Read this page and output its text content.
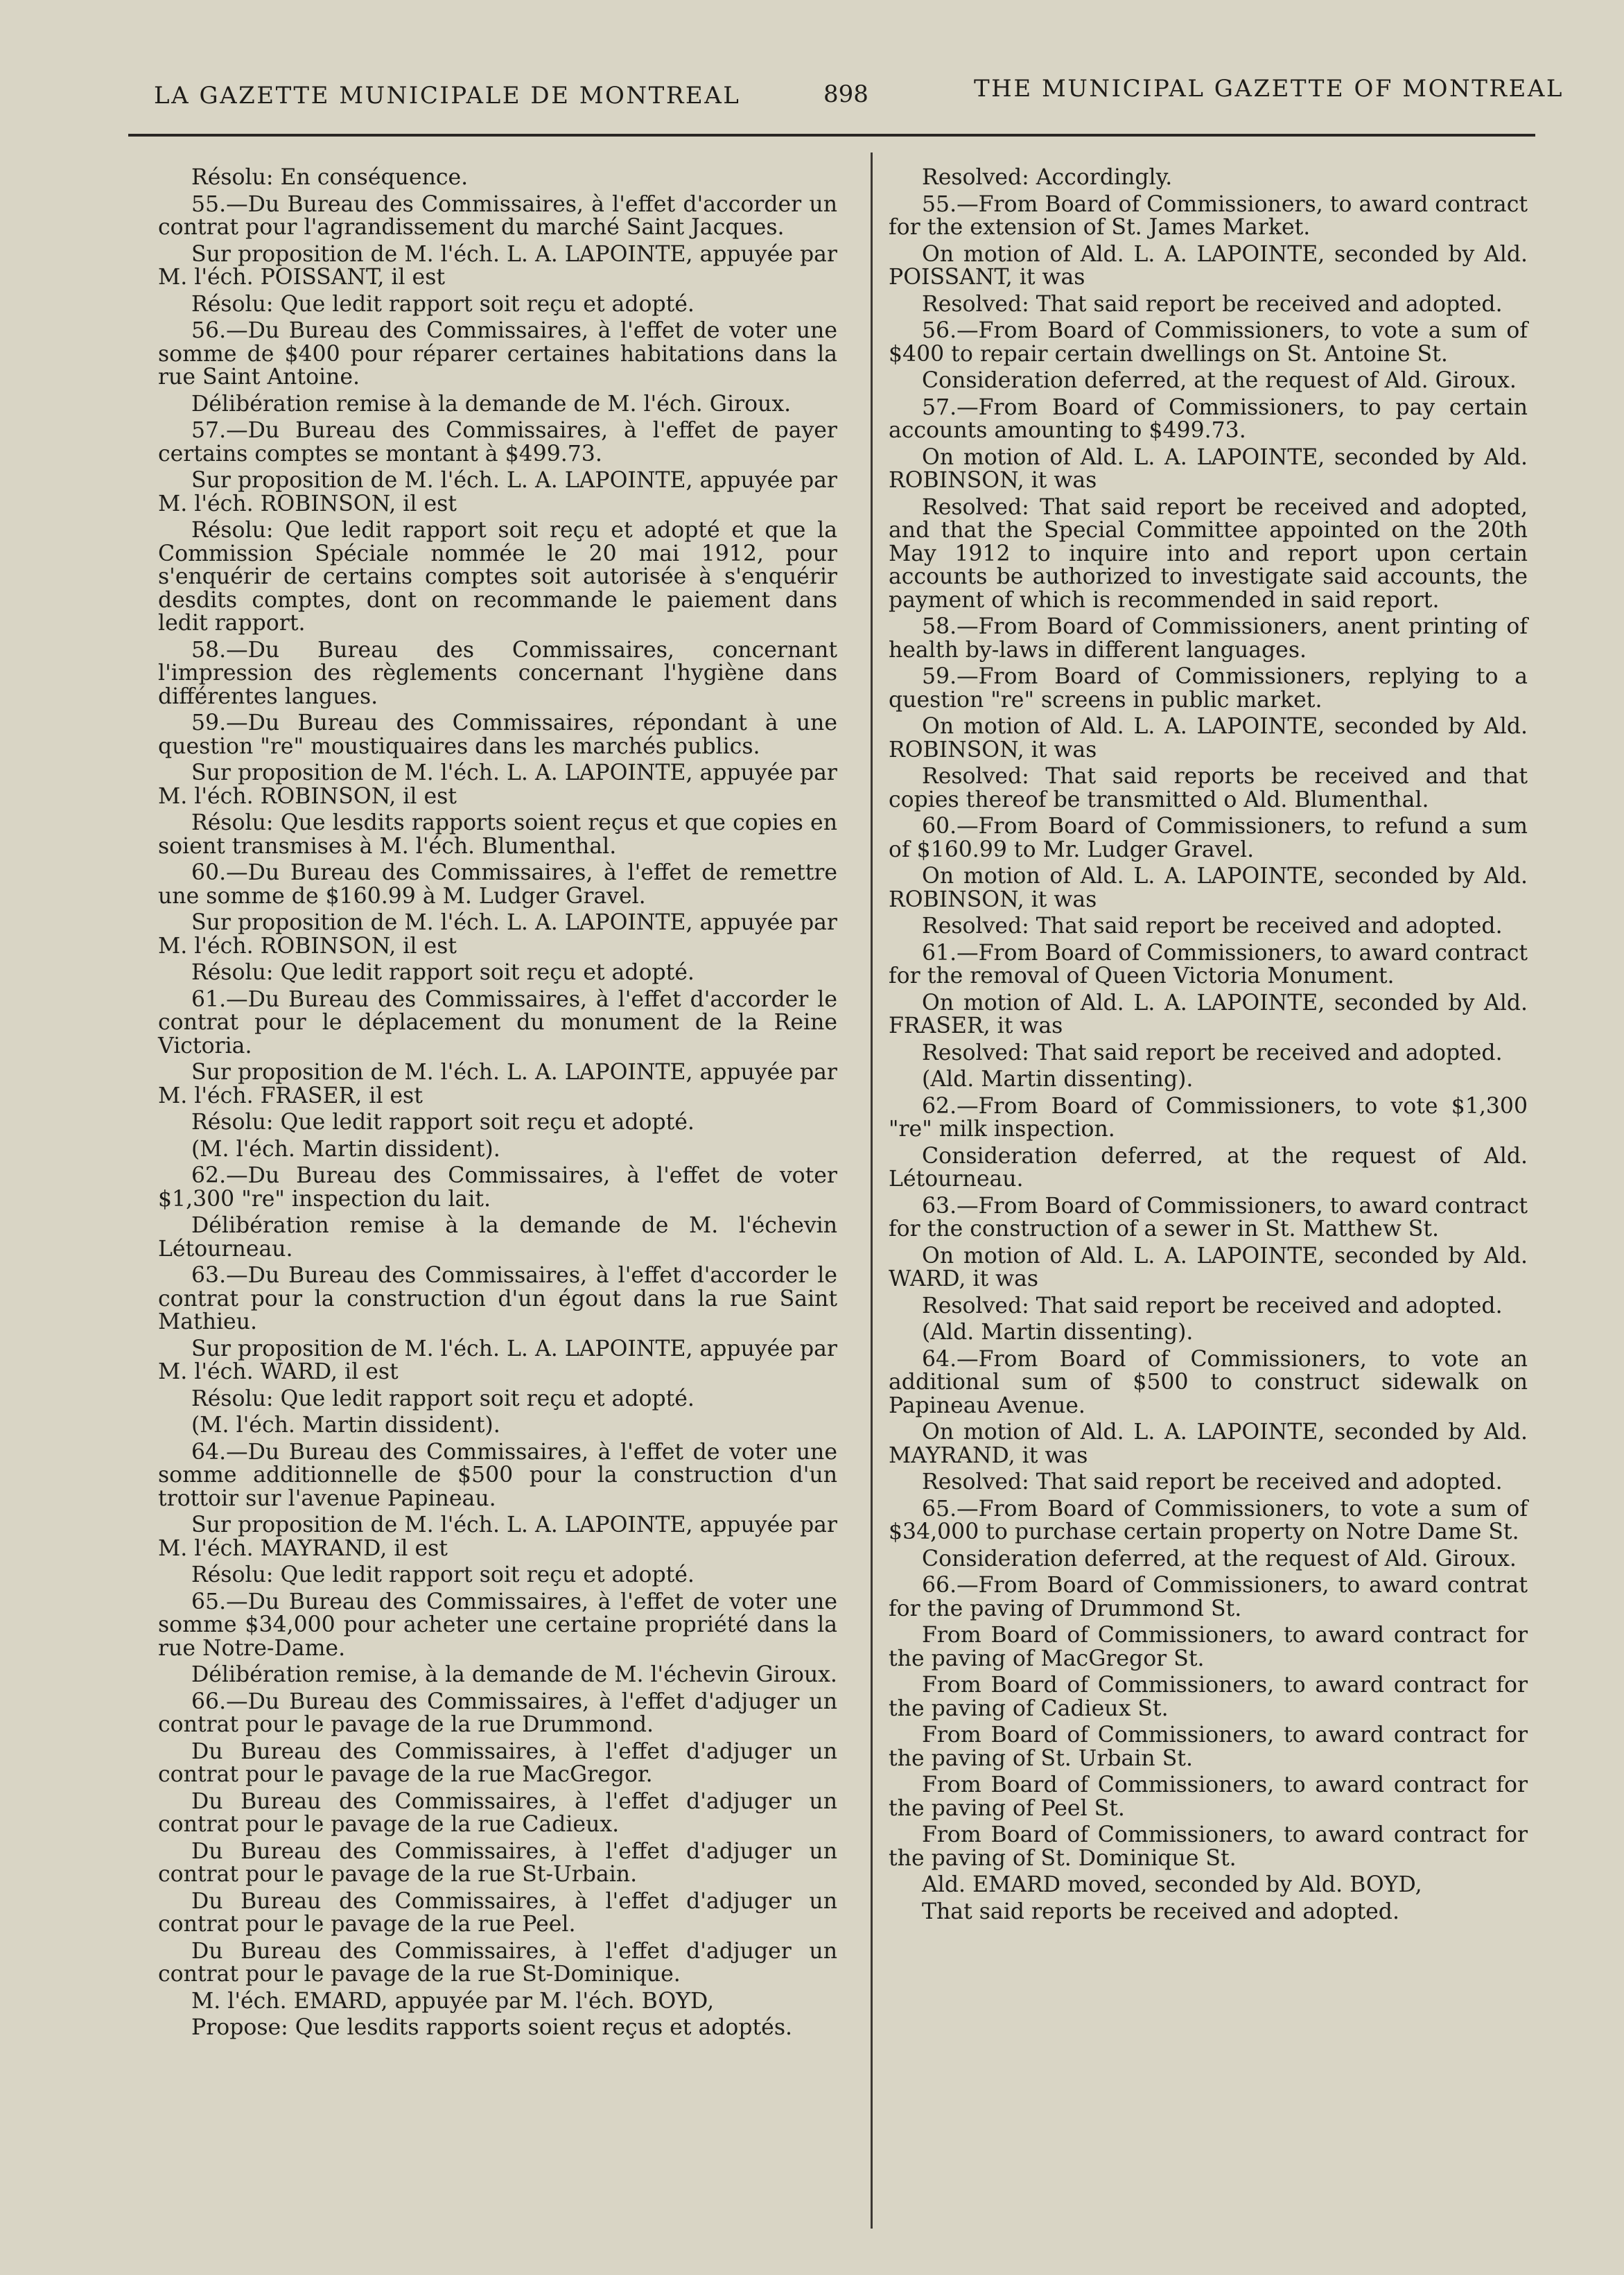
LA GAZETTE MUNICIPALE DE MONTREAL	898	THE MUNICIPAL GAZETTE OF MONTREAL

Résolu: En conséquence.

55.—Du Bureau des Commissaires, à l'effet d'accorder un contrat pour l'agrandissement du marché Saint Jacques.

Sur proposition de M. l'éch. L. A. LAPOINTE, appuyée par M. l'éch. POISSANT, il est

Résolu: Que ledit rapport soit reçu et adopté.

56.—Du Bureau des Commissaires, à l'effet de voter une somme de $400 pour réparer certaines habitations dans la rue Saint Antoine.

Délibération remise à la demande de M. l'éch. Giroux.

57.—Du Bureau des Commissaires, à l'effet de payer certains comptes se montant à $499.73.

Sur proposition de M. l'éch. L. A. LAPOINTE, appuyée par M. l'éch. ROBINSON, il est

Résolu: Que ledit rapport soit reçu et adopté et que la Commission Spéciale nommée le 20 mai 1912, pour s'enquérir de certains comptes soit autorisée à s'enquérir desdits comptes, dont on recommande le paiement dans ledit rapport.

58.—Du Bureau des Commissaires, concernant l'impression des règlements concernant l'hygiène dans différentes langues.

59.—Du Bureau des Commissaires, répondant à une question "re" moustiquaires dans les marchés publics.

Sur proposition de M. l'éch. L. A. LAPOINTE, appuyée par M. l'éch. ROBINSON, il est

Résolu: Que lesdits rapports soient reçus et que copies en soient transmises à M. l'éch. Blumenthal.

60.—Du Bureau des Commissaires, à l'effet de remettre une somme de $160.99 à M. Ludger Gravel.

Sur proposition de M. l'éch. L. A. LAPOINTE, appuyée par M. l'éch. ROBINSON, il est

Résolu: Que ledit rapport soit reçu et adopté.

61.—Du Bureau des Commissaires, à l'effet d'accorder le contrat pour le déplacement du monument de la Reine Victoria.

Sur proposition de M. l'éch. L. A. LAPOINTE, appuyée par M. l'éch. FRASER, il est

Résolu: Que ledit rapport soit reçu et adopté.

(M. l'éch. Martin dissident).

62.—Du Bureau des Commissaires, à l'effet de voter $1,300 "re" inspection du lait.

Délibération remise à la demande de M. l'échevin Létourneau.

63.—Du Bureau des Commissaires, à l'effet d'accorder le contrat pour la construction d'un égout dans la rue Saint Mathieu.

Sur proposition de M. l'éch. L. A. LAPOINTE, appuyée par M. l'éch. WARD, il est

Résolu: Que ledit rapport soit reçu et adopté.

(M. l'éch. Martin dissident).

64.—Du Bureau des Commissaires, à l'effet de voter une somme additionnelle de $500 pour la construction d'un trottoir sur l'avenue Papineau.

Sur proposition de M. l'éch. L. A. LAPOINTE, appuyée par M. l'éch. MAYRAND, il est

Résolu: Que ledit rapport soit reçu et adopté.

65.—Du Bureau des Commissaires, à l'effet de voter une somme $34,000 pour acheter une certaine propriété dans la rue Notre-Dame.

Délibération remise, à la demande de M. l'échevin Giroux.

66.—Du Bureau des Commissaires, à l'effet d'adjuger un contrat pour le pavage de la rue Drummond.

Du Bureau des Commissaires, à l'effet d'adjuger un contrat pour le pavage de la rue MacGregor.

Du Bureau des Commissaires, à l'effet d'adjuger un contrat pour le pavage de la rue Cadieux.

Du Bureau des Commissaires, à l'effet d'adjuger un contrat pour le pavage de la rue St-Urbain.

Du Bureau des Commissaires, à l'effet d'adjuger un contrat pour le pavage de la rue Peel.

Du Bureau des Commissaires, à l'effet d'adjuger un contrat pour le pavage de la rue St-Dominique.

M. l'éch. EMARD, appuyée par M. l'éch. BOYD,

Propose: Que lesdits rapports soient reçus et adoptés.

Resolved: Accordingly.

55.—From Board of Commissioners, to award contract for the extension of St. James Market.

On motion of Ald. L. A. LAPOINTE, seconded by Ald. POISSANT, it was

Resolved: That said report be received and adopted.

56.—From Board of Commissioners, to vote a sum of $400 to repair certain dwellings on St. Antoine St.

Consideration deferred, at the request of Ald. Giroux.

57.—From Board of Commissioners, to pay certain accounts amounting to $499.73.

On motion of Ald. L. A. LAPOINTE, seconded by Ald. ROBINSON, it was

Resolved: That said report be received and adopted, and that the Special Committee appointed on the 20th May 1912 to inquire into and report upon certain accounts be authorized to investigate said accounts, the payment of which is recommended in said report.

58.—From Board of Commissioners, anent printing of health by-laws in different languages.

59.—From Board of Commissioners, replying to a question "re" screens in public market.

On motion of Ald. L. A. LAPOINTE, seconded by Ald. ROBINSON, it was

Resolved: That said reports be received and that copies thereof be transmitted o Ald. Blumenthal.

60.—From Board of Commissioners, to refund a sum of $160.99 to Mr. Ludger Gravel.

On motion of Ald. L. A. LAPOINTE, seconded by Ald. ROBINSON, it was

Resolved: That said report be received and adopted.

61.—From Board of Commissioners, to award contract for the removal of Queen Victoria Monument.

On motion of Ald. L. A. LAPOINTE, seconded by Ald. FRASER, it was

Resolved: That said report be received and adopted.

(Ald. Martin dissenting).

62.—From Board of Commissioners, to vote $1,300 "re" milk inspection.

Consideration deferred, at the request of Ald. Létourneau.

63.—From Board of Commissioners, to award contract for the construction of a sewer in St. Matthew St.

On motion of Ald. L. A. LAPOINTE, seconded by Ald. WARD, it was

Resolved: That said report be received and adopted.

(Ald. Martin dissenting).

64.—From Board of Commissioners, to vote an additional sum of $500 to construct sidewalk on Papineau Avenue.

On motion of Ald. L. A. LAPOINTE, seconded by Ald. MAYRAND, it was

Resolved: That said report be received and adopted.

65.—From Board of Commissioners, to vote a sum of $34,000 to purchase certain property on Notre Dame St.

Consideration deferred, at the request of Ald. Giroux.

66.—From Board of Commissioners, to award contrat for the paving of Drummond St.

From Board of Commissioners, to award contract for the paving of MacGregor St.

From Board of Commissioners, to award contract for the paving of Cadieux St.

From Board of Commissioners, to award contract for the paving of St. Urbain St.

From Board of Commissioners, to award contract for the paving of Peel St.

From Board of Commissioners, to award contract for the paving of St. Dominique St.

Ald. EMARD moved, seconded by Ald. BOYD,

That said reports be received and adopted.
